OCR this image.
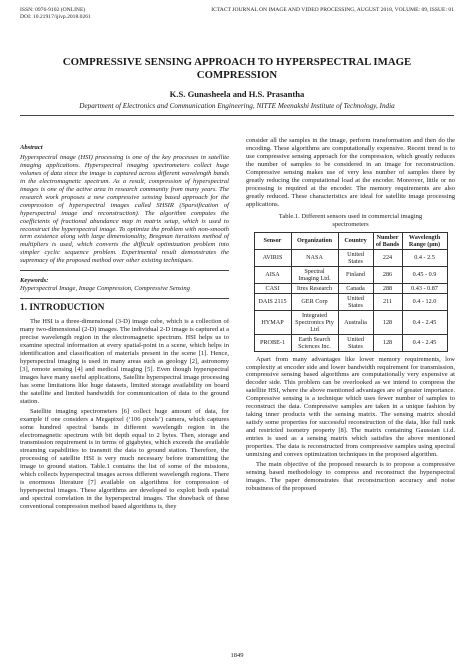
ISSN: 0976-9102 (ONLINE)
DOI: 10.21917/ijivp.2018.0261
ICTACT JOURNAL ON IMAGE AND VIDEO PROCESSING, AUGUST 2018, VOLUME: 09, ISSUE: 01
COMPRESSIVE SENSING APPROACH TO HYPERSPECTRAL IMAGE
COMPRESSION
K.S. Gunasheela and H.S. Prasantha
Department of Electronics and Communication Engineering, NITTE Meenakshi Institute of Technology, India
Abstract
Hyperspectral image (HSI) processing is one of the key processes in satellite imaging applications. Hyperspectral imaging spectrometers collect huge volumes of data since the image is captured across different wavelength bands in the electromagnetic spectrum. As a result, compression of hyperspectral images is one of the active area in research community from many years. The research work proposes a new compressive sensing based approach for the compression of hyperspectral images called SHSIR (Sparsification of hyperspectral image and reconstruction). The algorithm computes the coefficients of fractional abundance map in matrix setup, which is used to reconstruct the hyperspectral image. To optimize the problem with non-smooth term existence along with large dimensionality, Bregman iterations method of multipliers is used, which converts the difficult optimization problem into simpler cyclic sequence problem. Experimental result demonstrates the supremacy of the proposed method over other existing techniques.
Keywords:
Hyperspectral Image, Image Compression, Compressive Sensing
1. INTRODUCTION

The HSI is a three-dimensional (3-D) image cube, which is a collection of many two-dimensional (2-D) images. The individual 2-D image is captured at a precise wavelength region in the electromagnetic spectrum. HSI helps us to examine spectral information at every spatial-point in a scene, which helps in identification and classification of materials present in the scene [1]. Hence, hyperspectral imaging is used in many areas such as geology [2], astronomy [3], remote sensing [4] and medical imaging [5]. Even though hyperspectral images have many useful applications, Satellite hyperspectral image processing has some limitations like huge datasets, limited storage availability on board the satellite and limited bandwidth for communication of data to the ground station.

Satellite imaging spectrometers [6] collect huge amount of data, for example if one considers a Megapixel (‘106 pixels’) camera, which captures some hundred spectral bands in different wavelength region in the electromagnetic spectrum with bit depth equal to 2 bytes. Then, storage and transmission requirement is in terms of gigabytes, which exceeds the available streaming capabilities to transmit the data to ground station. Therefore, the processing of satellite HSI is very much necessary before transmitting the image to ground station. Table.1 contains the list of some of the missions, which collects hyperspectral images across different wavelength regions. There is enormous literature [7] available on algorithms for compression of hyperspectral images. These algorithms are developed to exploit both spatial and spectral correlation in the hyperspectral images. The drawback of these conventional compression method based algorithms is, they

consider all the samples in the image, perform transformation and then do the encoding. These algorithms are computationally expensive. Recent trend is to use compressive sensing approach for the compression, which greatly reduces the number of samples to be considered in an image for reconstruction. Compressive sensing makes use of very less number of samples there by greatly reducing the computational load at the encoder. Moreover, little or no processing is required at the encoder. The memory requirements are also greatly reduced. These characteristics are ideal for satellite image processing applications.

Table.1. Different sensors used in commercial imaging
spectrometers
Sensor	Organization	Country	Number of Bands	Wavelength Range (μm)
AVIRIS	NASA	United States	224	0.4 - 2.5
AISA	Spectral Imaging Ltd.	Finland	286	0.45 - 0.9
CASI	Itres Research	Canada	288	0.43 - 0.87
DAIS 2115	GER Corp	United States	211	0.4 - 12.0
HYMAP	Integrated Spectronics Pty Ltd	Australia	128	0.4 - 2.45
PROBE-1	Earth Search Sciences Inc.	United States	128	0.4 - 2.45

Apart from many advantages like lower memory requirements, low complexity at encoder side and lower bandwidth requirement for transmission, compressive sensing based algorithms are computationally very expensive at decoder side. This problem can be overlooked as we intend to compress the satellite HSI, where the above mentioned advantages are of greater importance. Compressive sensing is a technique which uses fewer number of samples to reconstruct the data. Compressive samples are taken in a unique fashion by taking inner products with the sensing matrix. The sensing matrix should satisfy some properties for successful reconstruction of the data, like full rank and restricted isometry property [8]. The matrix containing Gaussian i.i.d. entries is used as a sensing matrix which satisfies the above mentioned properties. The data is reconstructed from compressive samples using spectral unmixing and convex optimization techniques in the proposed algorithm.

The main objective of the proposed research is to propose a compressive sensing based methodology to compress and reconstruct the hyperspectral images. The paper demonstrates that reconstruction accuracy and noise robustness of the proposed

1849
